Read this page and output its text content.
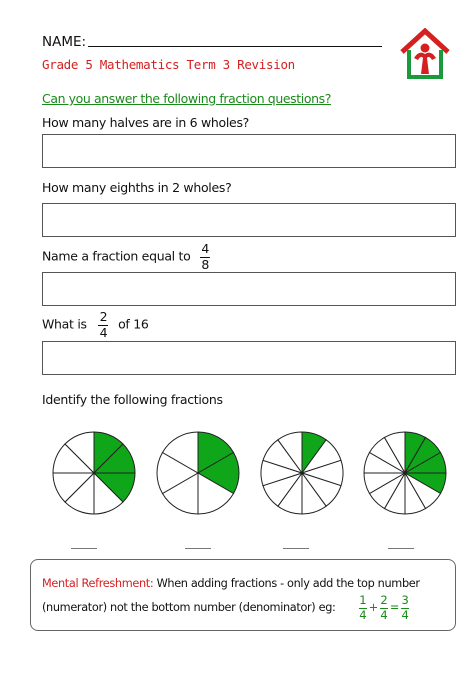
NAME:
Grade 5 Mathematics Term 3 Revision
Can you answer the following fraction questions?
How many halves are in 6 wholes?
How many eighths in 2 wholes?
Name a fraction equal to $\frac{4}{8}$
What is $\frac{2}{4}$ of 16
Identify the following fractions
Mental Refreshment: When adding fractions - only add the top number (numerator) not the bottom number (denominator) eg: $\frac{1}{4} + \frac{2}{4} = \frac{3}{4}$
